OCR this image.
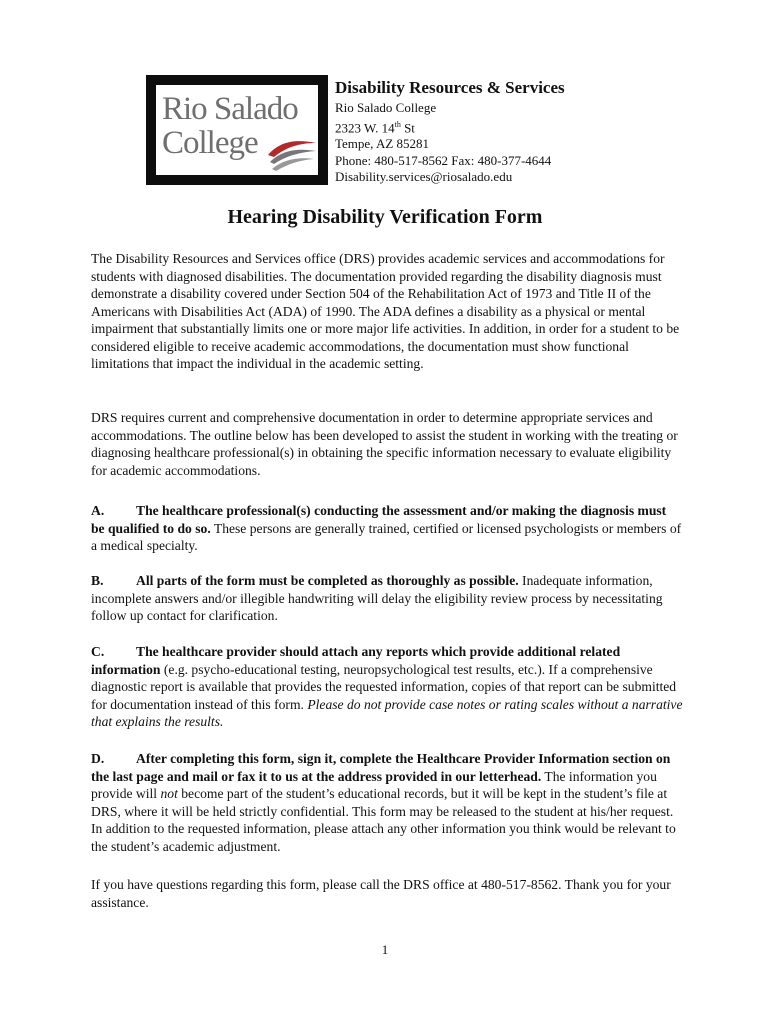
Rio Salado
College
Disability Resources & Services
Rio Salado College
2323 W. 14th St
Tempe, AZ 85281
Phone: 480-517-8562 Fax: 480-377-4644
Disability.services@riosalado.edu
Hearing Disability Verification Form

The Disability Resources and Services office (DRS) provides academic services and accommodations for students with diagnosed disabilities. The documentation provided regarding the disability diagnosis must demonstrate a disability covered under Section 504 of the Rehabilitation Act of 1973 and Title II of the Americans with Disabilities Act (ADA) of 1990. The ADA defines a disability as a physical or mental impairment that substantially limits one or more major life activities. In addition, in order for a student to be considered eligible to receive academic accommodations, the documentation must show functional limitations that impact the individual in the academic setting.

DRS requires current and comprehensive documentation in order to determine appropriate services and accommodations. The outline below has been developed to assist the student in working with the treating or diagnosing healthcare professional(s) in obtaining the specific information necessary to evaluate eligibility for academic accommodations.

A. The healthcare professional(s) conducting the assessment and/or making the diagnosis must be qualified to do so. These persons are generally trained, certified or licensed psychologists or members of a medical specialty.

B. All parts of the form must be completed as thoroughly as possible. Inadequate information, incomplete answers and/or illegible handwriting will delay the eligibility review process by necessitating follow up contact for clarification.

C. The healthcare provider should attach any reports which provide additional related information (e.g. psycho-educational testing, neuropsychological test results, etc.). If a comprehensive diagnostic report is available that provides the requested information, copies of that report can be submitted for documentation instead of this form. Please do not provide case notes or rating scales without a narrative that explains the results.

D. After completing this form, sign it, complete the Healthcare Provider Information section on the last page and mail or fax it to us at the address provided in our letterhead. The information you provide will not become part of the student’s educational records, but it will be kept in the student’s file at DRS, where it will be held strictly confidential. This form may be released to the student at his/her request. In addition to the requested information, please attach any other information you think would be relevant to the student’s academic adjustment.

If you have questions regarding this form, please call the DRS office at 480-517-8562. Thank you for your assistance.

1
